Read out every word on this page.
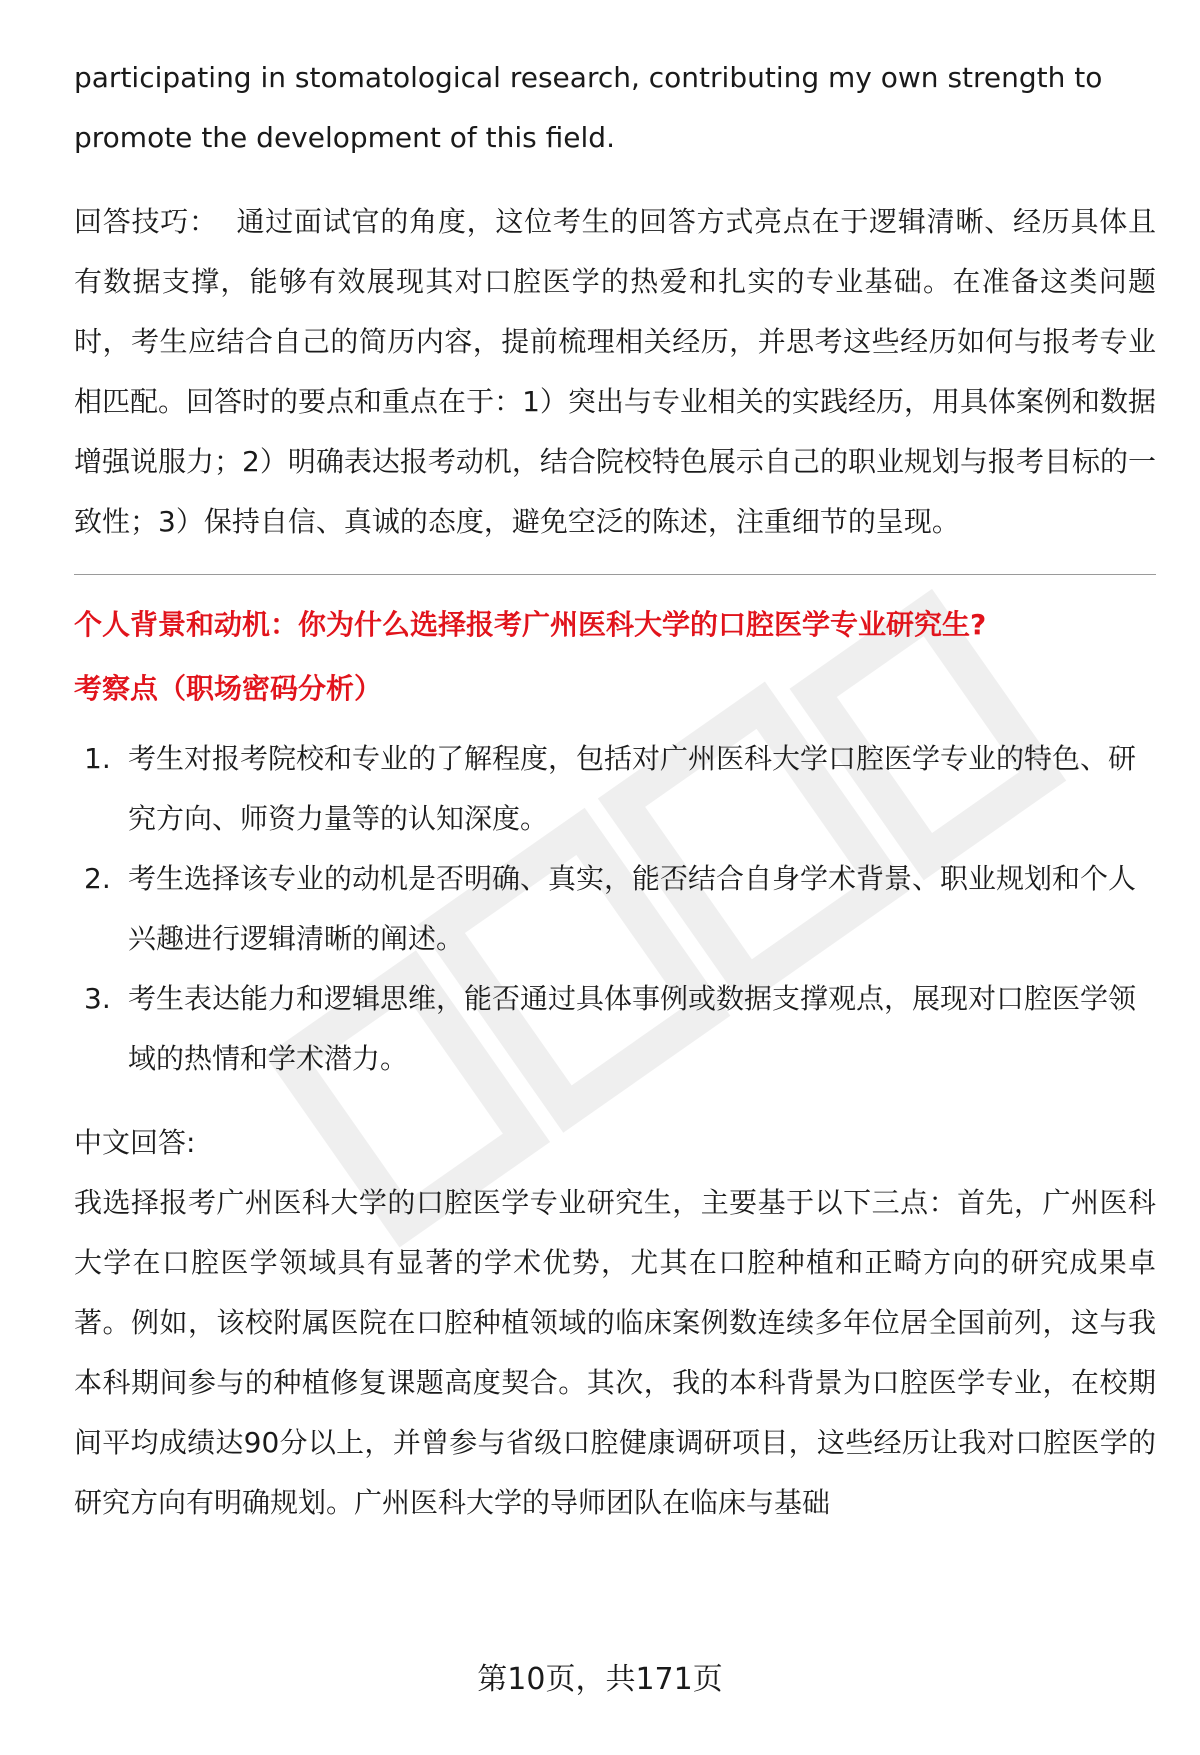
participating in stomatological research, contributing my own strength to promote the development of this field.

回答技巧： 通过面试官的角度，这位考生的回答方式亮点在于逻辑清晰、经历具体且有数据支撑，能够有效展现其对口腔医学的热爱和扎实的专业基础。在准备这类问题时，考生应结合自己的简历内容，提前梳理相关经历，并思考这些经历如何与报考专业相匹配。回答时的要点和重点在于：1）突出与专业相关的实践经历，用具体案例和数据增强说服力；2）明确表达报考动机，结合院校特色展示自己的职业规划与报考目标的一致性；3）保持自信、真诚的态度，避免空泛的陈述，注重细节的呈现。

个人背景和动机：你为什么选择报考广州医科大学的口腔医学专业研究生?

考察点（职场密码分析）

1. 考生对报考院校和专业的了解程度，包括对广州医科大学口腔医学专业的特色、研究方向、师资力量等的认知深度。
2. 考生选择该专业的动机是否明确、真实，能否结合自身学术背景、职业规划和个人兴趣进行逻辑清晰的阐述。
3. 考生表达能力和逻辑思维，能否通过具体事例或数据支撑观点，展现对口腔医学领域的热情和学术潜力。

中文回答:

我选择报考广州医科大学的口腔医学专业研究生，主要基于以下三点：首先，广州医科大学在口腔医学领域具有显著的学术优势，尤其在口腔种植和正畸方向的研究成果卓著。例如，该校附属医院在口腔种植领域的临床案例数连续多年位居全国前列，这与我本科期间参与的种植修复课题高度契合。其次，我的本科背景为口腔医学专业，在校期间平均成绩达90分以上，并曾参与省级口腔健康调研项目，这些经历让我对口腔医学的研究方向有明确规划。广州医科大学的导师团队在临床与基础

第10页，共171页
